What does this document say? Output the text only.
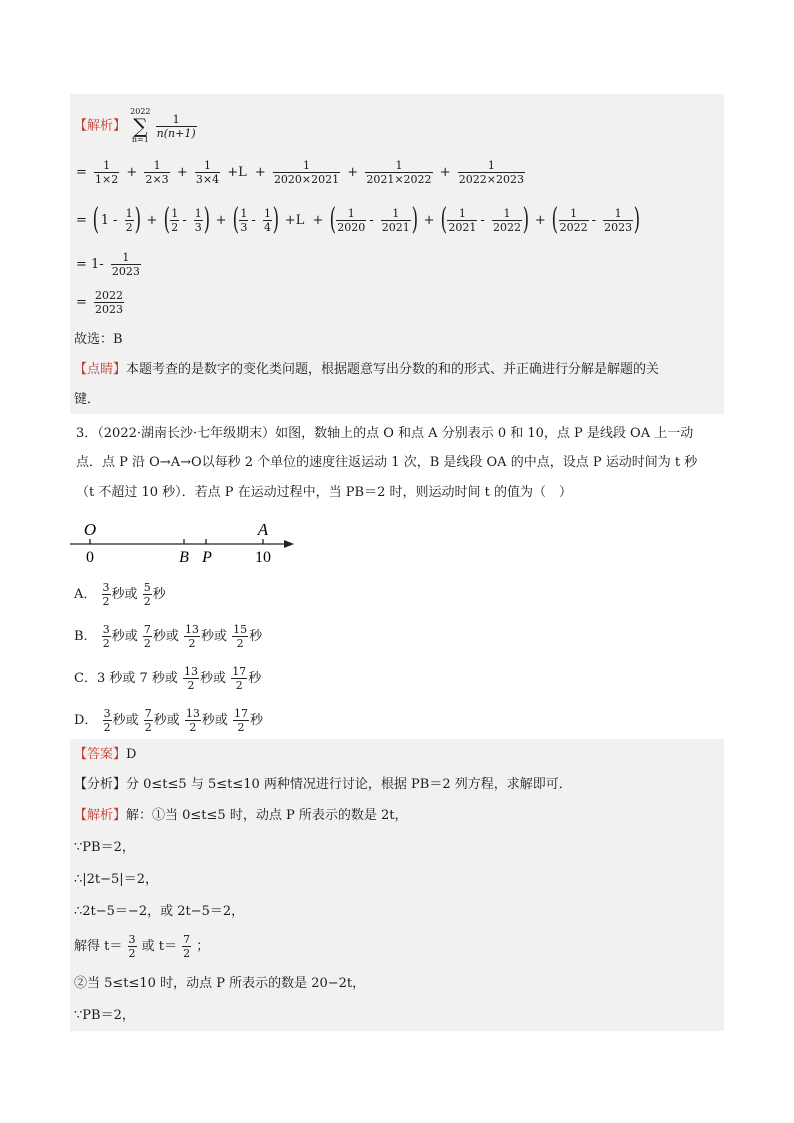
【解析】
2022
∑
n=1

$\frac{1}{n(n+1)}$
= $\frac{1}{1\times 2} + \frac{1}{2\times 3} + \frac{1}{3\times 4} +L + \frac{1}{2020\times 2021} + \frac{1}{2021\times 2022} + \frac{1}{2022\times 2023}$
= ( $1 - \frac{1}{2}$ ) + ( $\frac{1}{2} - \frac{1}{3}$ ) + ( $\frac{1}{3} - \frac{1}{4}$ ) +L + ( $\frac{1}{2020} - \frac{1}{2021}$ ) + ( $\frac{1}{2021} - \frac{1}{2022}$ ) + ( $\frac{1}{2022} - \frac{1}{2023}$ )
= $1- \frac{1}{2023}$
= $\frac{2022}{2023}$
故选：B
【点睛】本题考查的是数字的变化类问题，根据题意写出分数的和的形式、并正确进行分解是解题的关
键．
3．（2022·湖南长沙·七年级期末）如图，数轴上的点 O 和点 A 分别表示 0 和 10，点 P 是线段 OA 上一动
点．点 P 沿 O→A→O以每秒 2 个单位的速度往返运动 1 次，B 是线段 OA 的中点，设点 P 运动时间为 t 秒
（t 不超过 10 秒）．若点 P 在运动过程中，当 PB＝2 时，则运动时间 t 的值为（　）
O	A
0	B P	10
A． $\frac{3}{2}$ 秒或 $\frac{5}{2}$ 秒
B． $\frac{3}{2}$ 秒或 $\frac{7}{2}$ 秒或 $\frac{13}{2}$ 秒或 $\frac{15}{2}$ 秒
C．3 秒或 7 秒或 $\frac{13}{2}$ 秒或 $\frac{17}{2}$ 秒
D． $\frac{3}{2}$ 秒或 $\frac{7}{2}$ 秒或 $\frac{13}{2}$ 秒或 $\frac{17}{2}$ 秒
【答案】D
【分析】分 0≤t≤5 与 5≤t≤10 两种情况进行讨论，根据 PB＝2 列方程，求解即可．
【解析】解：①当 0≤t≤5 时，动点 P 所表示的数是 2t，
∵PB＝2，
∴|2t−5|＝2，
∴2t−5＝−2，或 2t−5＝2，
解得 $t= \frac{3}{2}$ 或 $t= \frac{7}{2}$ ；
②当 5≤t≤10 时，动点 P 所表示的数是 20−2t，
∵PB＝2，
